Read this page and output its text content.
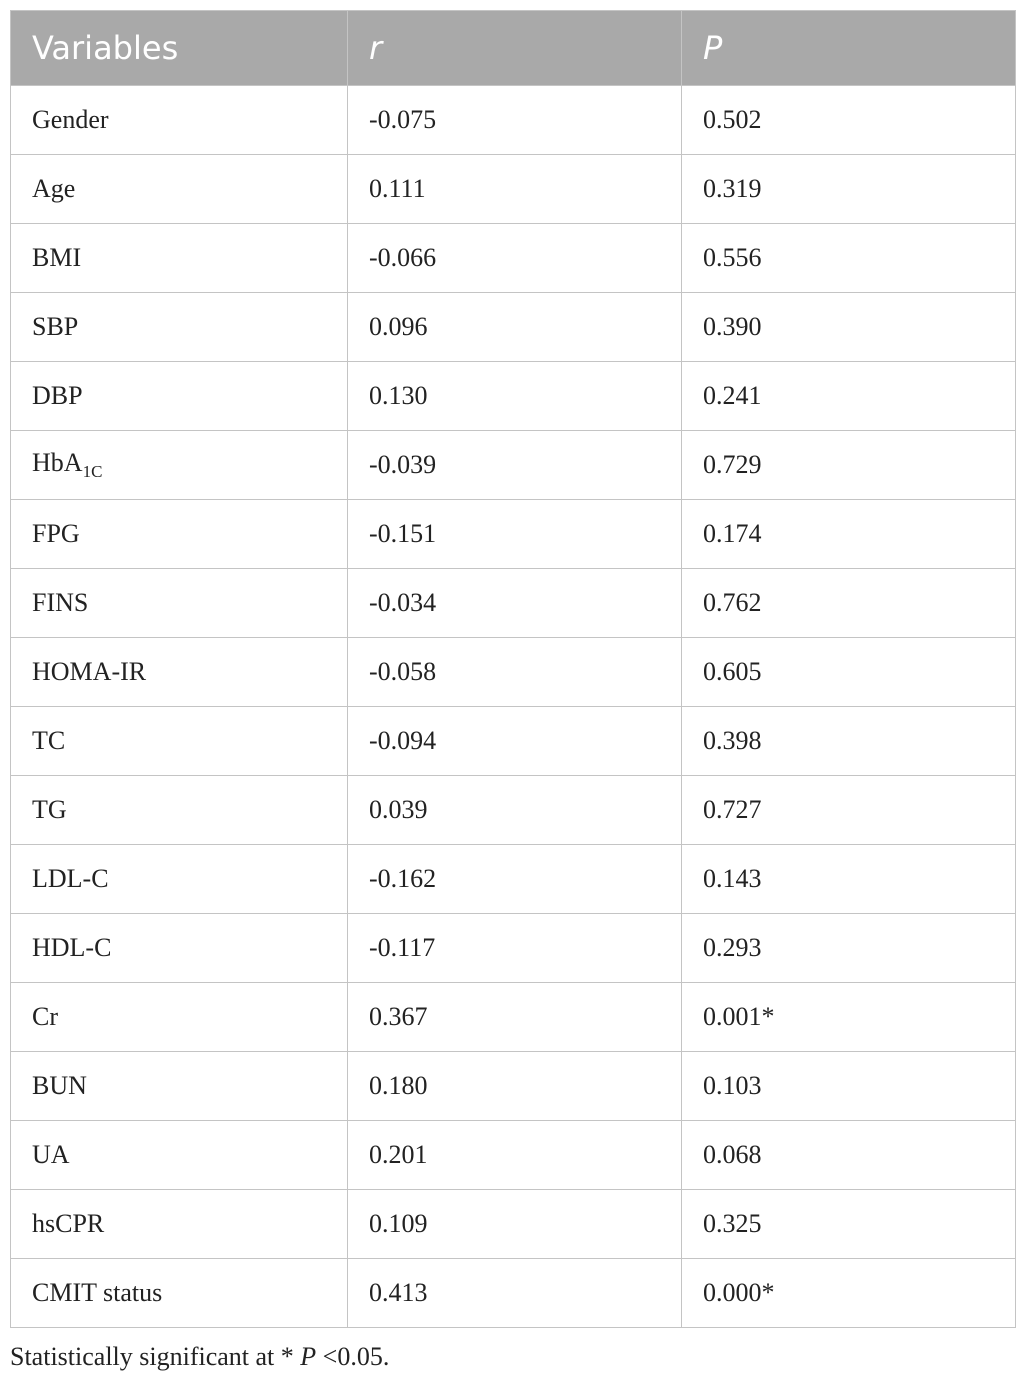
Variables	r	P
Gender	-0.075	0.502
Age	0.111	0.319
BMI	-0.066	0.556
SBP	0.096	0.390
DBP	0.130	0.241
HbA$_{1C}$	-0.039	0.729
FPG	-0.151	0.174
FINS	-0.034	0.762
HOMA-IR	-0.058	0.605
TC	-0.094	0.398
TG	0.039	0.727
LDL-C	-0.162	0.143
HDL-C	-0.117	0.293
Cr	0.367	0.001*
BUN	0.180	0.103
UA	0.201	0.068
hsCPR	0.109	0.325
CMIT status	0.413	0.000*
Statistically significant at * P <0.05.
